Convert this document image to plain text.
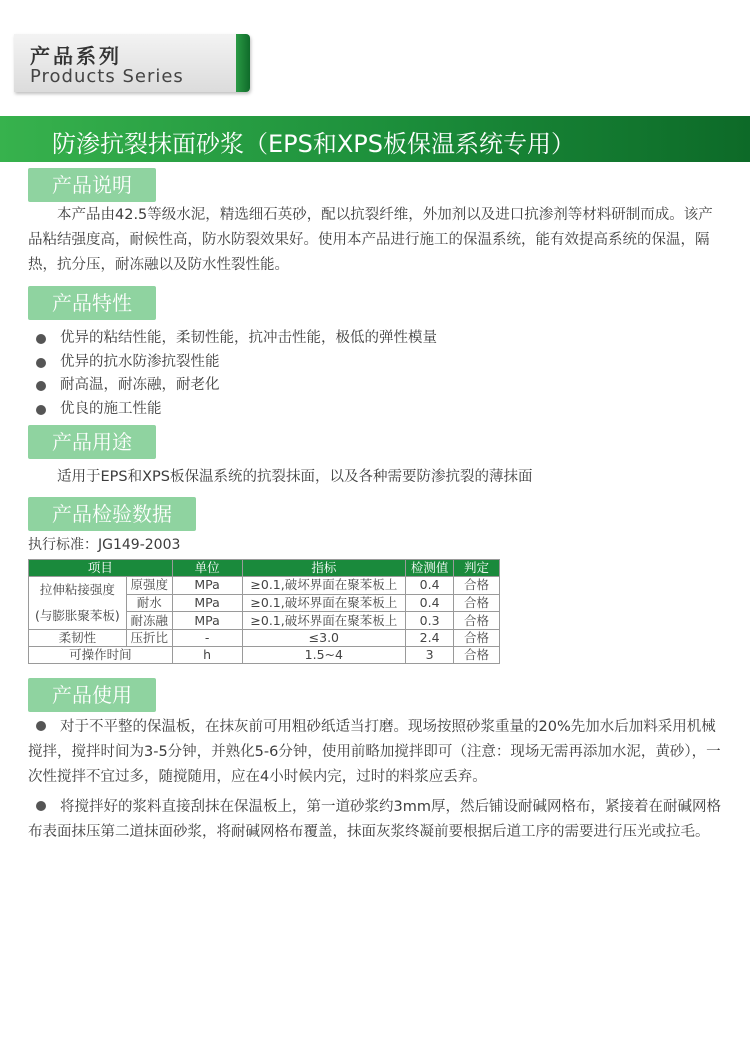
产品系列
Products Series
防渗抗裂抹面砂浆（EPS和XPS板保温系统专用）
产品说明
本产品由42.5等级水泥，精选细石英砂，配以抗裂纤维，外加剂以及进口抗渗剂等材料研制而成。该产品粘结强度高，耐候性高，防水防裂效果好。使用本产品进行施工的保温系统，能有效提高系统的保温，隔热，抗分压，耐冻融以及防水性裂性能。
产品特性
优异的粘结性能，柔韧性能，抗冲击性能，极低的弹性模量
优异的抗水防渗抗裂性能
耐高温，耐冻融，耐老化
优良的施工性能
产品用途
适用于EPS和XPS板保温系统的抗裂抹面，以及各种需要防渗抗裂的薄抹面
产品检验数据
执行标准：JG149-2003
项目		单位	指标	检测值	判定

拉伸粘接强度
(与膨胀聚苯板)	原强度	MPa	≥0.1,破坏界面在聚苯板上	0.4	合格
	耐水	MPa	≥0.1,破坏界面在聚苯板上	0.4	合格
	耐冻融	MPa	≥0.1,破坏界面在聚苯板上	0.3	合格
柔韧性	压折比	-	≤3.0	2.4	合格
可操作时间		h	1.5~4	3	合格
产品使用
对于不平整的保温板，在抹灰前可用粗砂纸适当打磨。现场按照砂浆重量的20%先加水后加料采用机械搅拌，搅拌时间为3-5分钟，并熟化5-6分钟，使用前略加搅拌即可（注意：现场无需再添加水泥，黄砂），一次性搅拌不宜过多，随搅随用，应在4小时候内完，过时的料浆应丢弃。
将搅拌好的浆料直接刮抹在保温板上，第一道砂浆约3mm厚，然后铺设耐碱网格布，紧接着在耐碱网格布表面抹压第二道抹面砂浆，将耐碱网格布覆盖，抹面灰浆终凝前要根据后道工序的需要进行压光或拉毛。
